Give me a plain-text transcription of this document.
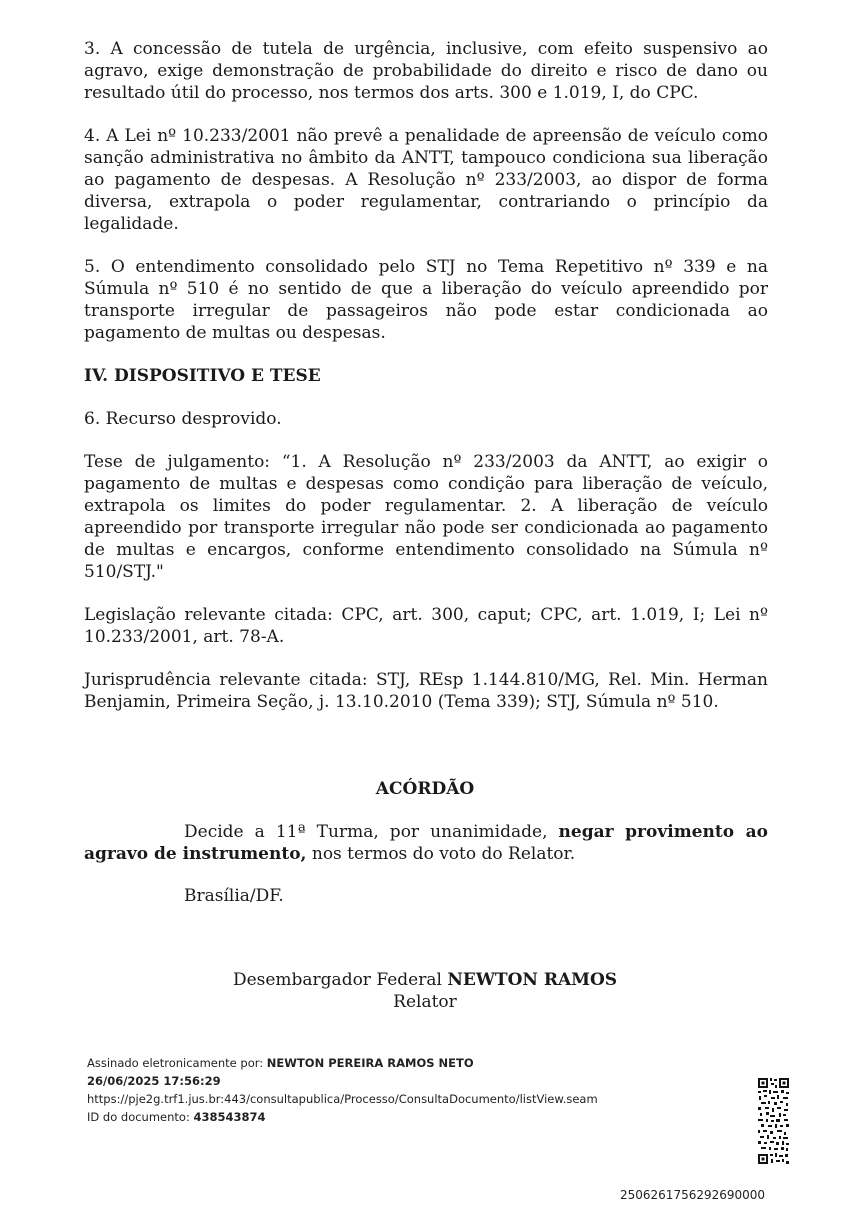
3. A concessão de tutela de urgência, inclusive, com efeito suspensivo ao agravo, exige demonstração de probabilidade do direito e risco de dano ou resultado útil do processo, nos termos dos arts. 300 e 1.019, I, do CPC.

4. A Lei nº 10.233/2001 não prevê a penalidade de apreensão de veículo como sanção administrativa no âmbito da ANTT, tampouco condiciona sua liberação ao pagamento de despesas. A Resolução nº 233/2003, ao dispor de forma diversa, extrapola o poder regulamentar, contrariando o princípio da legalidade.

5. O entendimento consolidado pelo STJ no Tema Repetitivo nº 339 e na Súmula nº 510 é no sentido de que a liberação do veículo apreendido por transporte irregular de passageiros não pode estar condicionada ao pagamento de multas ou despesas.

IV. DISPOSITIVO E TESE

6. Recurso desprovido.

Tese de julgamento: “1. A Resolução nº 233/2003 da ANTT, ao exigir o pagamento de multas e despesas como condição para liberação de veículo, extrapola os limites do poder regulamentar. 2. A liberação de veículo apreendido por transporte irregular não pode ser condicionada ao pagamento de multas e encargos, conforme entendimento consolidado na Súmula nº 510/STJ."

Legislação relevante citada: CPC, art. 300, caput; CPC, art. 1.019, I; Lei nº 10.233/2001, art. 78-A.

Jurisprudência relevante citada: STJ, REsp 1.144.810/MG, Rel. Min. Herman Benjamin, Primeira Seção, j. 13.10.2010 (Tema 339); STJ, Súmula nº 510.

ACÓRDÃO

Decide a 11ª Turma, por unanimidade, negar provimento ao agravo de instrumento, nos termos do voto do Relator.

Brasília/DF.
Desembargador Federal NEWTON RAMOS
Relator
Assinado eletronicamente por: NEWTON PEREIRA RAMOS NETO
26/06/2025 17:56:29
https://pje2g.trf1.jus.br:443/consultapublica/Processo/ConsultaDocumento/listView.seam
ID do documento: 438543874
2506261756292690000
